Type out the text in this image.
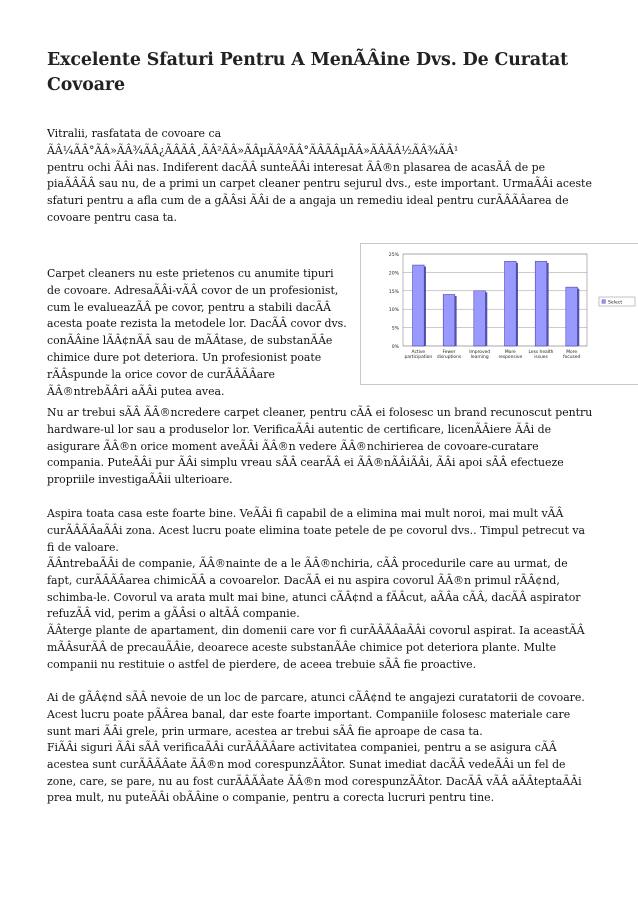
Excelente Sfaturi Pentru A MenÃÂine Dvs. De Curatat Covoare

Vitralii, rasfatata de covoare ca
ÃÂ¼ÃÂ°ÃÂ»ÃÂ¾ÃÂ¿ÃÂÃÂ¸ÃÂ²ÃÂ»ÃÂµÃÂºÃÂ°ÃÂÃÂµÃÂ»ÃÂÃÂ½ÃÂ¾ÃÂ¹
pentru ochi ÃÂi nas. Indiferent dacÃÂ sunteÃÂi interesat ÃÂ®n plasarea de acasÃÂ de pe piaÃÂÃÂ sau nu, de a primi un carpet cleaner pentru sejurul dvs., este important. UrmaÃÂi aceste sfaturi pentru a afla cum de a gÃÂsi ÃÂi de a angaja un remediu ideal pentru curÃÂÃÂarea de covoare pentru casa ta.

Carpet cleaners nu este prietenos cu anumite tipuri de covoare. AdresaÃÂi-vÃÂ covor de un profesionist, cum le evalueazÃÂ pe covor, pentru a stabili dacÃÂ acesta poate rezista la metodele lor. DacÃÂ covor dvs. conÃÂine lÃÂ¢nÃÂ sau de mÃÂtase, de substanÃÂe chimice dure pot deteriora. Un profesionist poate rÃÂspunde la orice covor de curÃÂÃÂare ÃÂ®ntrebÃÂri aÃÂi putea avea.

0%
5%
10%
15%
20%
25%
Active
participation
Fewer
disruptions
Improved
learning
More
responsive
Less health
issues
More
focused
Select

Nu ar trebui sÃÂ ÃÂ®ncredere carpet cleaner, pentru cÃÂ ei folosesc un brand recunoscut pentru hardware-ul lor sau a produselor lor. VerificaÃÂi autentic de certificare, licenÃÂiere ÃÂi de asigurare ÃÂ®n orice moment aveÃÂi ÃÂ®n vedere ÃÂ®nchirierea de covoare-curatare compania. PuteÃÂi pur ÃÂi simplu vreau sÃÂ cearÃÂ ei ÃÂ®nÃÂiÃÂi, ÃÂi apoi sÃÂ efectueze propriile investigaÃÂii ulterioare.

Aspira toata casa este foarte bine. VeÃÂi fi capabil de a elimina mai mult noroi, mai mult vÃÂ curÃÂÃÂaÃÂi zona. Acest lucru poate elimina toate petele de pe covorul dvs.. Timpul petrecut va fi de valoare.

ÃÂntrebaÃÂi de companie, ÃÂ®nainte de a le ÃÂ®nchiria, cÃÂ procedurile care au urmat, de fapt, curÃÂÃÂarea chimicÃÂ a covoarelor. DacÃÂ ei nu aspira covorul ÃÂ®n primul rÃÂ¢nd, schimba-le. Covorul va arata mult mai bine, atunci cÃÂ¢nd a fÃÂcut, aÃÂa cÃÂ, dacÃÂ aspirator refuzÃÂ vid, perim a gÃÂsi o altÃÂ companie.

ÃÂterge plante de apartament, din domenii care vor fi curÃÂÃÂaÃÂi covorul aspirat. Ia aceastÃÂ mÃÂsurÃÂ de precauÃÂie, deoarece aceste substanÃÂe chimice pot deteriora plante. Multe companii nu restituie o astfel de pierdere, de aceea trebuie sÃÂ fie proactive.

Ai de gÃÂ¢nd sÃÂ nevoie de un loc de parcare, atunci cÃÂ¢nd te angajezi curatatorii de covoare. Acest lucru poate pÃÂrea banal, dar este foarte important. Companiile folosesc materiale care sunt mari ÃÂi grele, prin urmare, acestea ar trebui sÃÂ fie aproape de casa ta.

FiÃÂi siguri ÃÂi sÃÂ verificaÃÂi curÃÂÃÂare activitatea companiei, pentru a se asigura cÃÂ acestea sunt curÃÂÃÂate ÃÂ®n mod corespunzÃÂtor. Sunat imediat dacÃÂ vedeÃÂi un fel de zone, care, se pare, nu au fost curÃÂÃÂate ÃÂ®n mod corespunzÃÂtor. DacÃÂ vÃÂ aÃÂteptaÃÂi prea mult, nu puteÃÂi obÃÂine o companie, pentru a corecta lucruri pentru tine.
